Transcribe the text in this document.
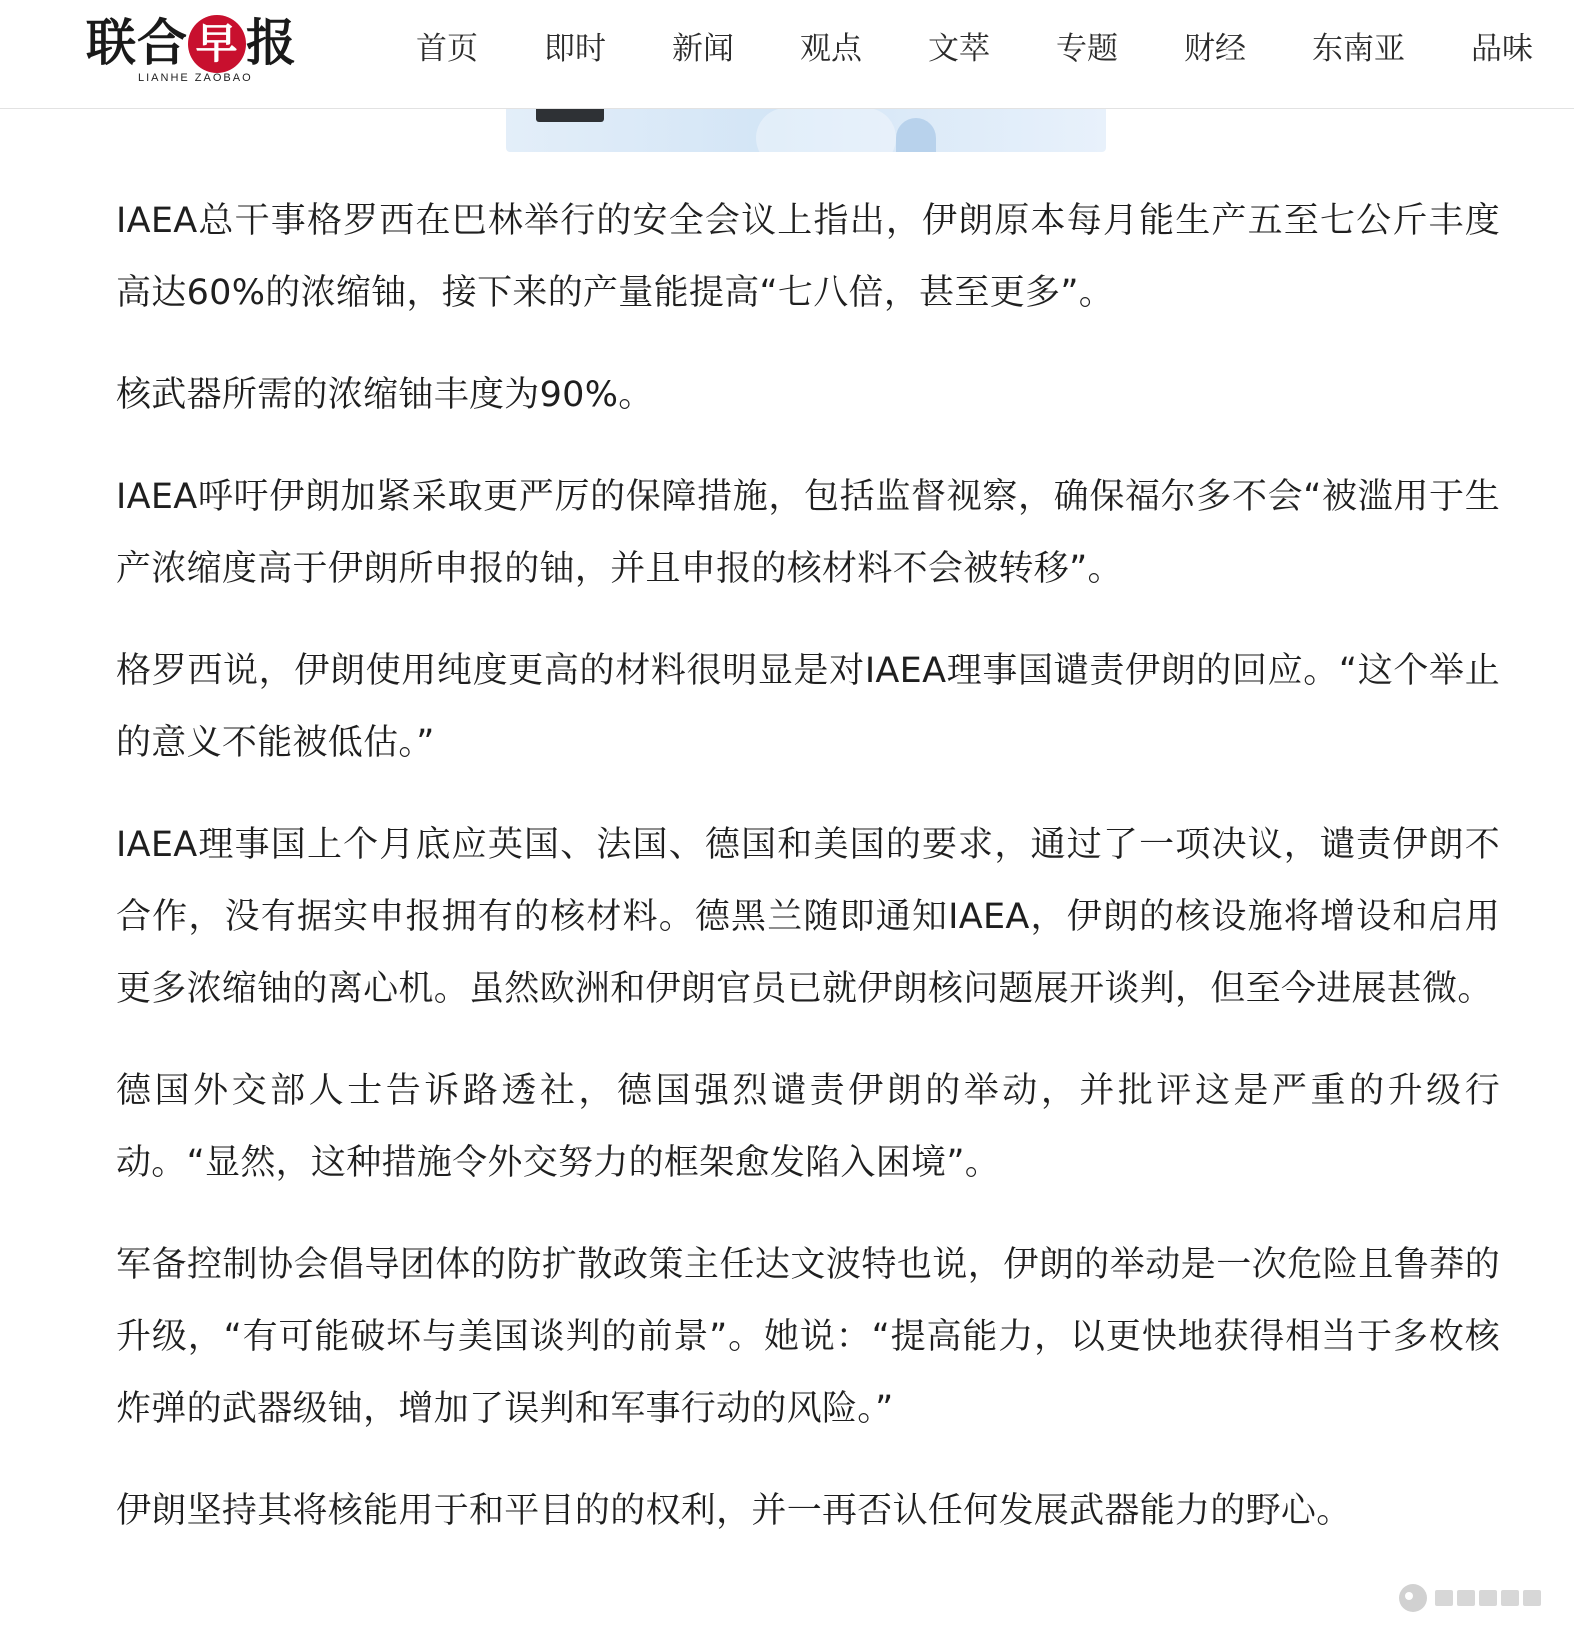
联合 早 报
LIANHE ZAOBAO
首页 即时 新闻 观点 文萃 专题 财经 东南亚 品味

IAEA总干事格罗西在巴林举行的安全会议上指出，伊朗原本每月能生产五至七公斤丰度高达60%的浓缩铀，接下来的产量能提高“七八倍，甚至更多”。

核武器所需的浓缩铀丰度为90%。

IAEA呼吁伊朗加紧采取更严厉的保障措施，包括监督视察，确保福尔多不会“被滥用于生产浓缩度高于伊朗所申报的铀，并且申报的核材料不会被转移”。

格罗西说，伊朗使用纯度更高的材料很明显是对IAEA理事国谴责伊朗的回应。“这个举止的意义不能被低估。”

IAEA理事国上个月底应英国、法国、德国和美国的要求，通过了一项决议，谴责伊朗不合作，没有据实申报拥有的核材料。德黑兰随即通知IAEA，伊朗的核设施将增设和启用更多浓缩铀的离心机。虽然欧洲和伊朗官员已就伊朗核问题展开谈判，但至今进展甚微。

德国外交部人士告诉路透社，德国强烈谴责伊朗的举动，并批评这是严重的升级行动。“显然，这种措施令外交努力的框架愈发陷入困境”。

军备控制协会倡导团体的防扩散政策主任达文波特也说，伊朗的举动是一次危险且鲁莽的升级，“有可能破坏与美国谈判的前景”。她说：“提高能力，以更快地获得相当于多枚核炸弹的武器级铀，增加了误判和军事行动的风险。”

伊朗坚持其将核能用于和平目的的权利，并一再否认任何发展武器能力的野心。
